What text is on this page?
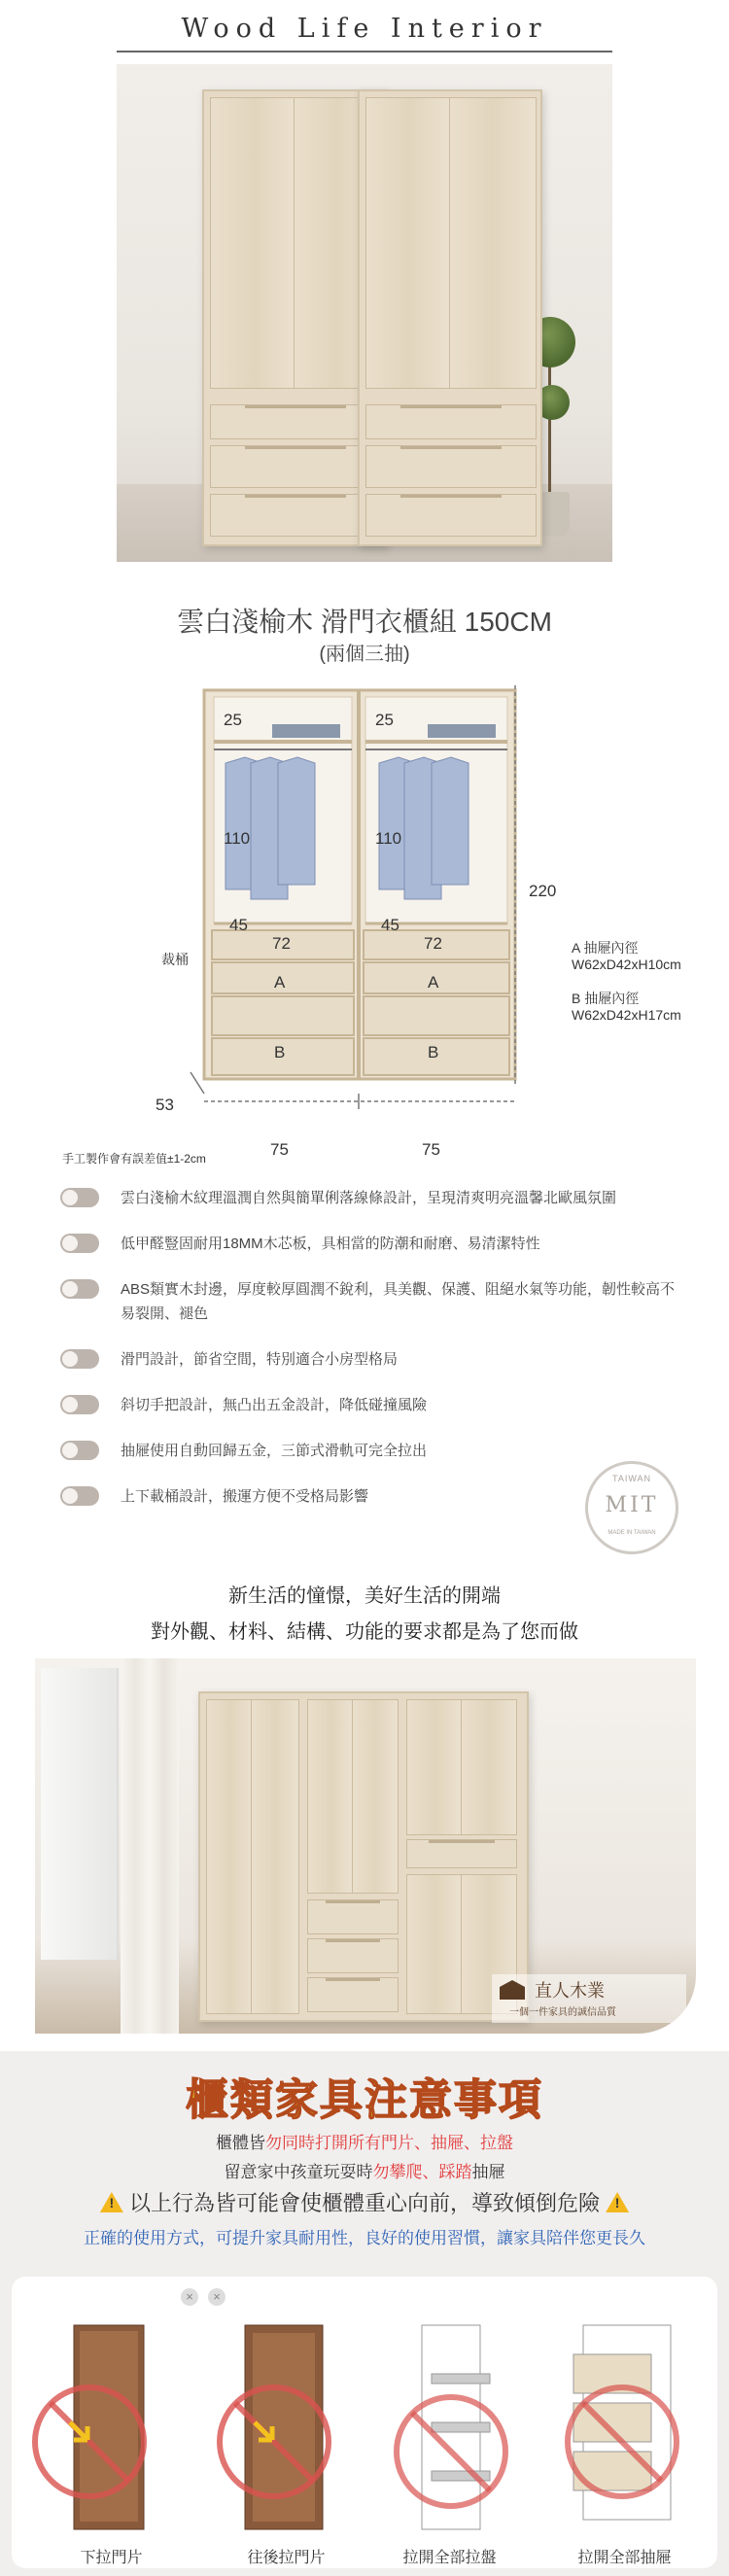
Wood Life Interior
雲白淺榆木 滑門衣櫃組 150CM
(兩個三抽)
25	25
110	110
45
72
45
72
裁桶
A	A
B	B
220
53
75	75
手工製作會有誤差值±1-2cm
A 抽屜內徑
W62xD42xH10cm
B 抽屜內徑
W62xD42xH17cm
雲白淺榆木紋理溫潤自然與簡單俐落線條設計，呈現清爽明亮溫馨北歐風氛圍
低甲醛豎固耐用18MM木芯板，具相當的防潮和耐磨、易清潔特性
ABS類實木封邊，厚度較厚圓潤不銳利，具美觀、保護、阻絕水氣等功能，韌性較高不易裂開、褪色
滑門設計，節省空間，特別適合小房型格局
斜切手把設計，無凸出五金設計，降低碰撞風險
抽屜使用自動回歸五金，三節式滑軌可完全拉出
上下載桶設計，搬運方便不受格局影響
TAIWAN
MIT
MADE IN TAIWAN
新生活的憧憬，美好生活的開端
對外觀、材料、結構、功能的要求都是為了您而做
直人木業
一個一件家具的誠信品質
櫃類家具注意事項
櫃體皆勿同時打開所有門片、抽屜、拉盤
留意家中孩童玩耍時勿攀爬、踩踏抽屜
! 以上行為皆可能會使櫃體重心向前，導致傾倒危險 !
正確的使用方式，可提升家具耐用性，良好的使用習慣，讓家具陪伴您更長久
×
下拉門片
×
往後拉門片	拉開全部拉盤	拉開全部抽屜
